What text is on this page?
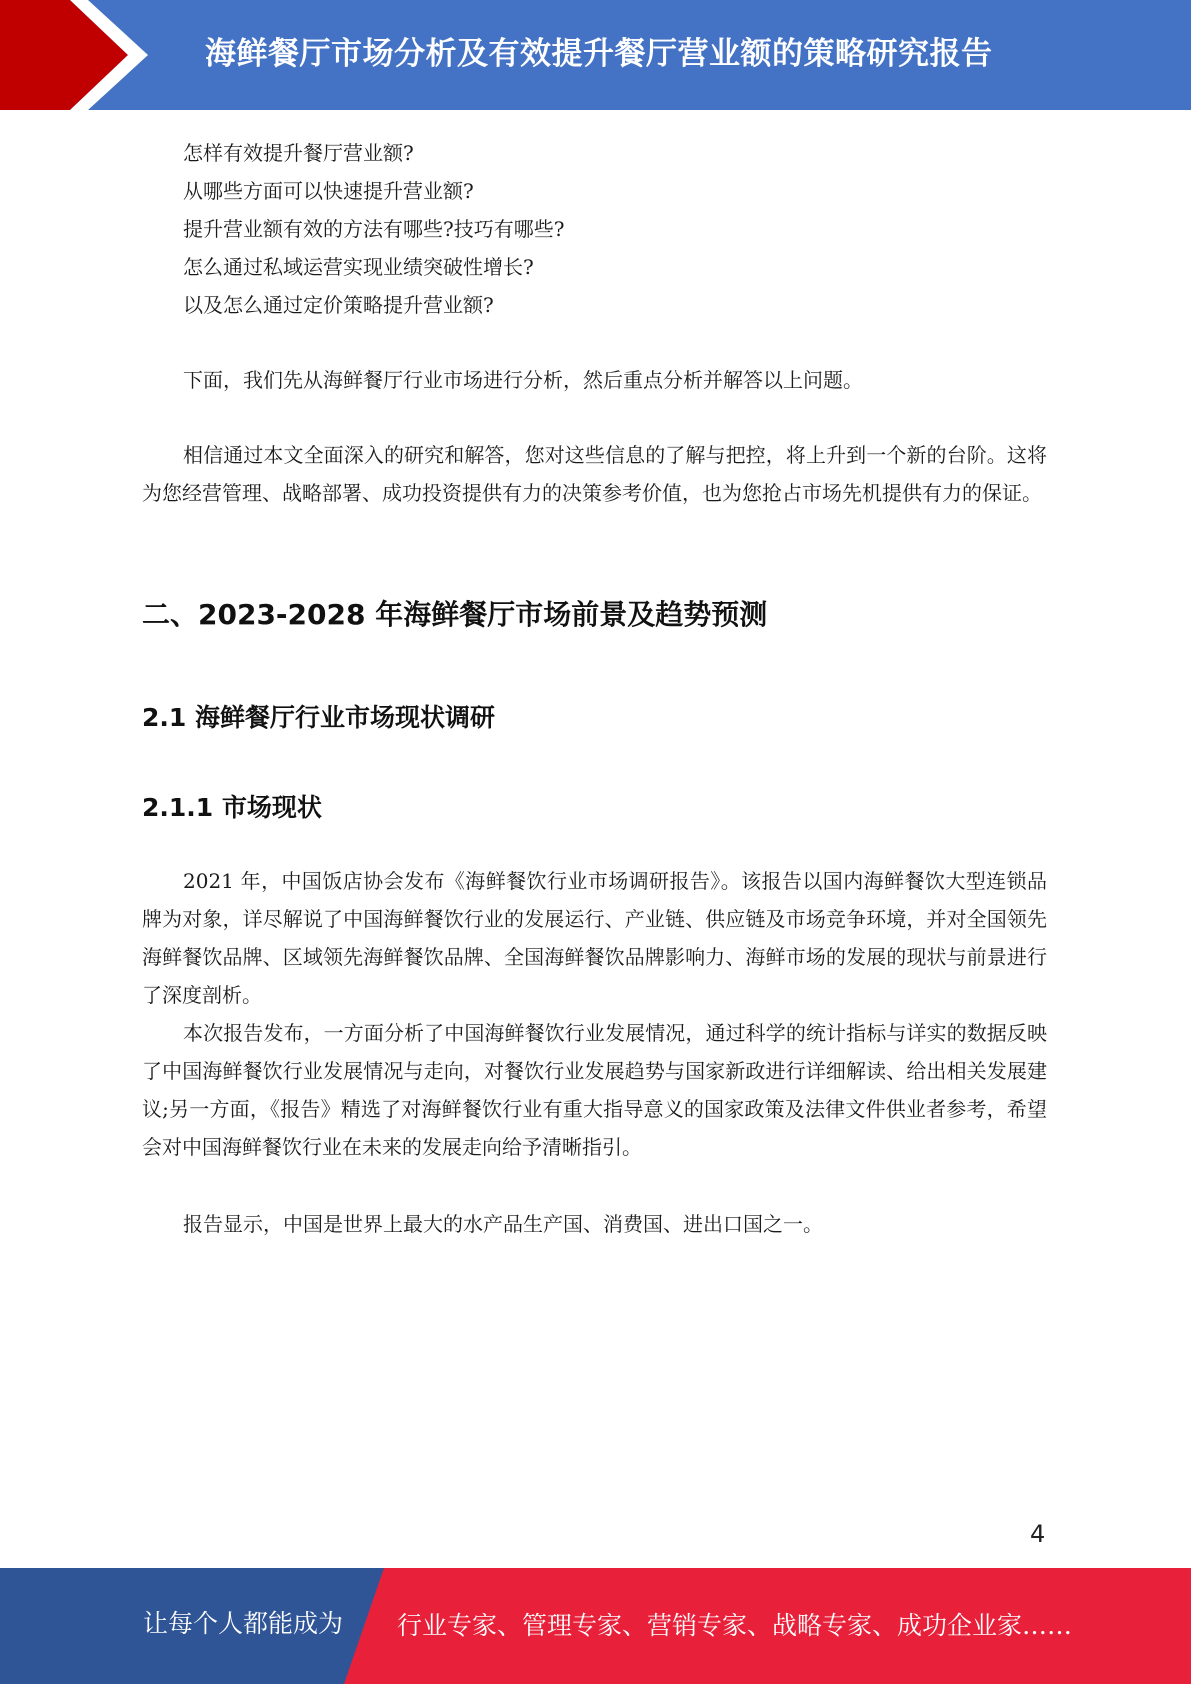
海鲜餐厅市场分析及有效提升餐厅营业额的策略研究报告
怎样有效提升餐厅营业额?
从哪些方面可以快速提升营业额?
提升营业额有效的方法有哪些?技巧有哪些?
怎么通过私域运营实现业绩突破性增长?
以及怎么通过定价策略提升营业额?
下面，我们先从海鲜餐厅行业市场进行分析，然后重点分析并解答以上问题。

相信通过本文全面深入的研究和解答，您对这些信息的了解与把控，将上升到一个新的台阶。这将为您经营管理、战略部署、成功投资提供有力的决策参考价值，也为您抢占市场先机提供有力的保证。

二、2023-2028 年海鲜餐厅市场前景及趋势预测
2.1 海鲜餐厅行业市场现状调研
2.1.1 市场现状

2021 年，中国饭店协会发布《海鲜餐饮行业市场调研报告》。该报告以国内海鲜餐饮大型连锁品牌为对象，详尽解说了中国海鲜餐饮行业的发展运行、产业链、供应链及市场竞争环境，并对全国领先海鲜餐饮品牌、区域领先海鲜餐饮品牌、全国海鲜餐饮品牌影响力、海鲜市场的发展的现状与前景进行了深度剖析。

本次报告发布，一方面分析了中国海鲜餐饮行业发展情况，通过科学的统计指标与详实的数据反映了中国海鲜餐饮行业发展情况与走向，对餐饮行业发展趋势与国家新政进行详细解读、给出相关发展建议;另一方面，《报告》精选了对海鲜餐饮行业有重大指导意义的国家政策及法律文件供业者参考，希望会对中国海鲜餐饮行业在未来的发展走向给予清晰指引。

报告显示，中国是世界上最大的水产品生产国、消费国、进出口国之一。
4
让每个人都能成为 行业专家、管理专家、营销专家、战略专家、成功企业家……
